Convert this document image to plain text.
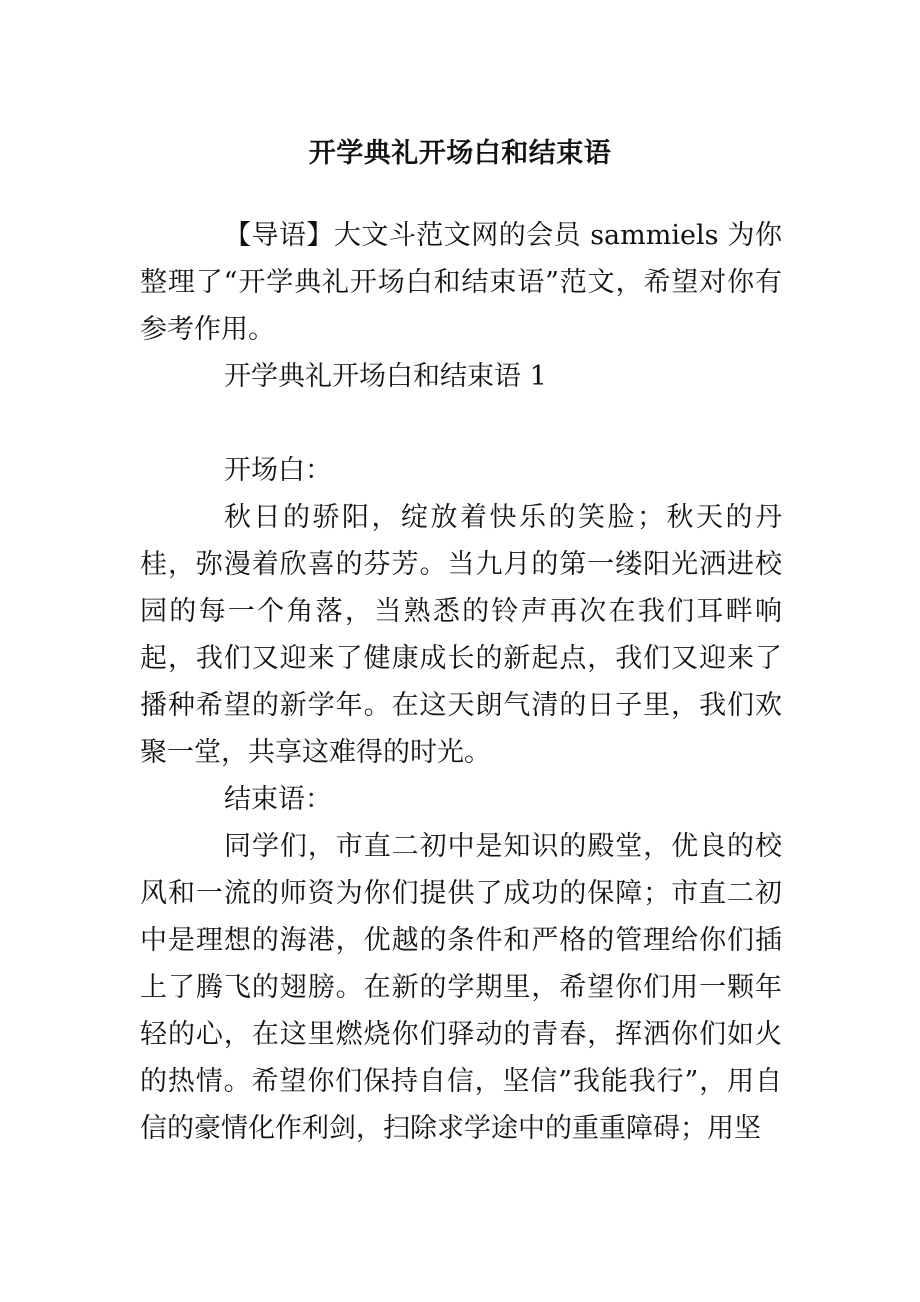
开学典礼开场白和结束语

【导语】大文斗范文网的会员 sammiels 为你整理了“开学典礼开场白和结束语”范文，希望对你有参考作用。

开学典礼开场白和结束语 1

开场白：

秋日的骄阳，绽放着快乐的笑脸；秋天的丹桂，弥漫着欣喜的芬芳。当九月的第一缕阳光洒进校园的每一个角落，当熟悉的铃声再次在我们耳畔响起，我们又迎来了健康成长的新起点，我们又迎来了播种希望的新学年。在这天朗气清的日子里，我们欢聚一堂，共享这难得的时光。

结束语：

同学们，市直二初中是知识的殿堂，优良的校风和一流的师资为你们提供了成功的保障；市直二初中是理想的海港，优越的条件和严格的管理给你们插上了腾飞的翅膀。在新的学期里，希望你们用一颗年轻的心，在这里燃烧你们驿动的青春，挥洒你们如火的热情。希望你们保持自信，坚信”我能我行”，用自信的豪情化作利剑，扫除求学途中的重重障碍；用坚
